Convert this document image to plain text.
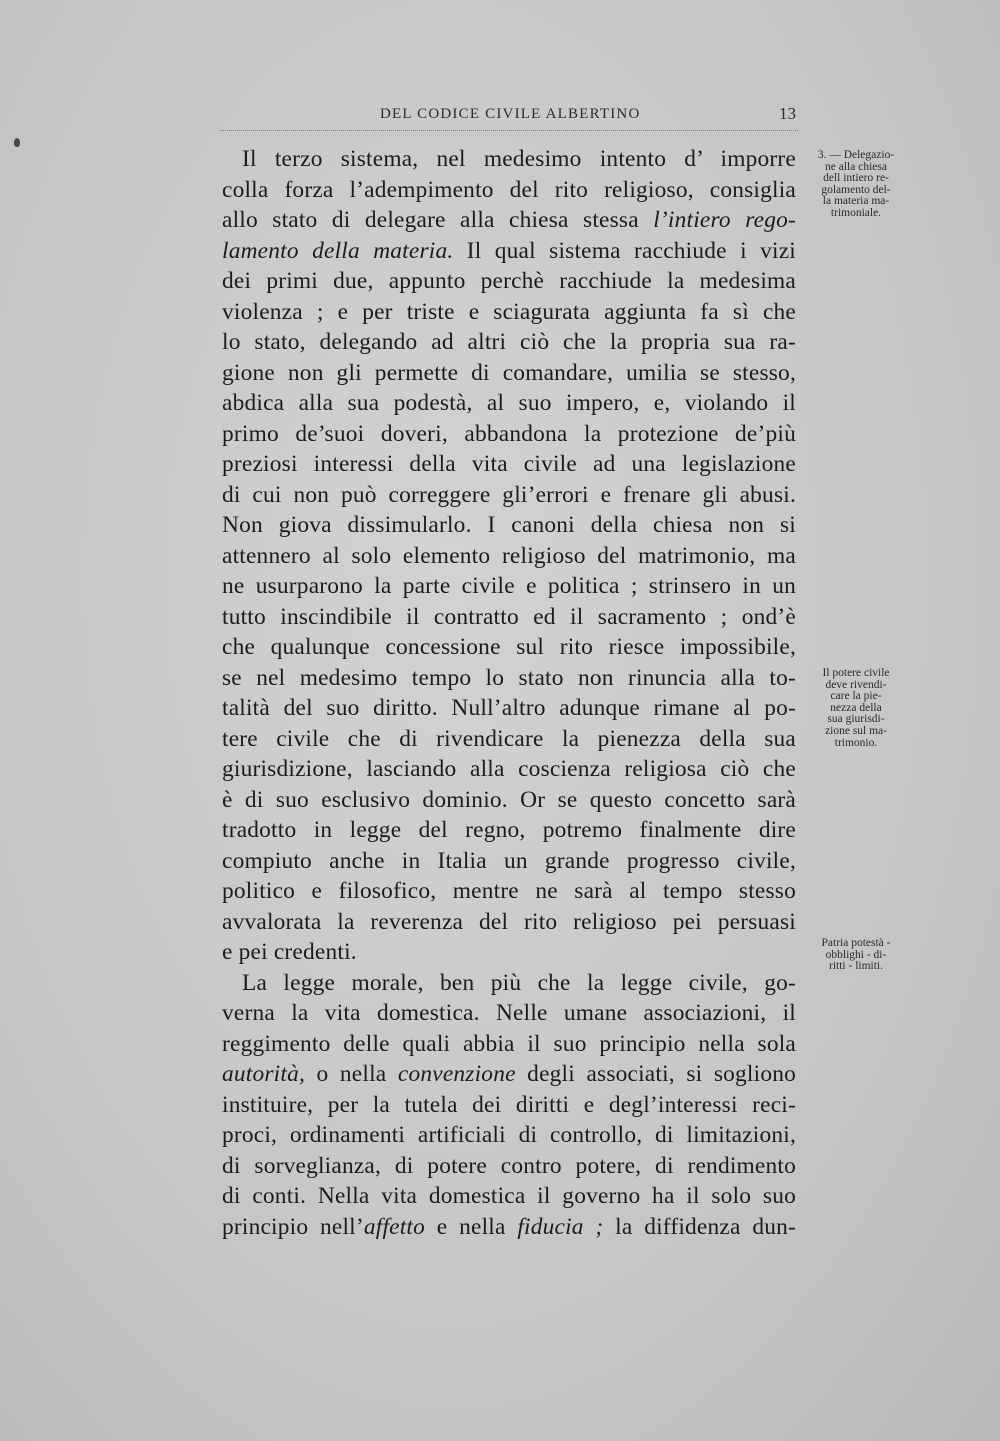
DEL CODICE CIVILE ALBERTINO	13
Il terzo sistema, nel medesimo intento d’ imporre
colla forza l’adempimento del rito religioso, consiglia
allo stato di delegare alla chiesa stessa l’intiero rego-
lamento della materia. Il qual sistema racchiude i vizi
dei primi due, appunto perchè racchiude la medesima
violenza ; e per triste e sciagurata aggiunta fa sì che
lo stato, delegando ad altri ciò che la propria sua ra-
gione non gli permette di comandare, umilia se stesso,
abdica alla sua podestà, al suo impero, e, violando il
primo de’suoi doveri, abbandona la protezione de’più
preziosi interessi della vita civile ad una legislazione
di cui non può correggere gli’errori e frenare gli abusi.
Non giova dissimularlo. I canoni della chiesa non si
attennero al solo elemento religioso del matrimonio, ma
ne usurparono la parte civile e politica ; strinsero in un
tutto inscindibile il contratto ed il sacramento ; ond’è
che qualunque concessione sul rito riesce impossibile,
se nel medesimo tempo lo stato non rinuncia alla to-
talità del suo diritto. Null’altro adunque rimane al po-
tere civile che di rivendicare la pienezza della sua
giurisdizione, lasciando alla coscienza religiosa ciò che
è di suo esclusivo dominio. Or se questo concetto sarà
tradotto in legge del regno, potremo finalmente dire
compiuto anche in Italia un grande progresso civile,
politico e filosofico, mentre ne sarà al tempo stesso
avvalorata la reverenza del rito religioso pei persuasi
e pei credenti.
La legge morale, ben più che la legge civile, go-
verna la vita domestica. Nelle umane associazioni, il
reggimento delle quali abbia il suo principio nella sola
autorità, o nella convenzione degli associati, si sogliono
instituire, per la tutela dei diritti e degl’interessi reci-
proci, ordinamenti artificiali di controllo, di limitazioni,
di sorveglianza, di potere contro potere, di rendimento
di conti. Nella vita domestica il governo ha il solo suo
principio nell’affetto e nella fiducia ; la diffidenza dun-
3. — Delegazio-
ne alla chiesa
dell intiero re-
golamento del-
la materia ma-
trimoniale.
Il potere civile
deve rivendi-
care la pie-
nezza della
sua giurisdi-
zione sul ma-
trimonio.
Patria potestà -
obblighi - di-
ritti - limiti.
